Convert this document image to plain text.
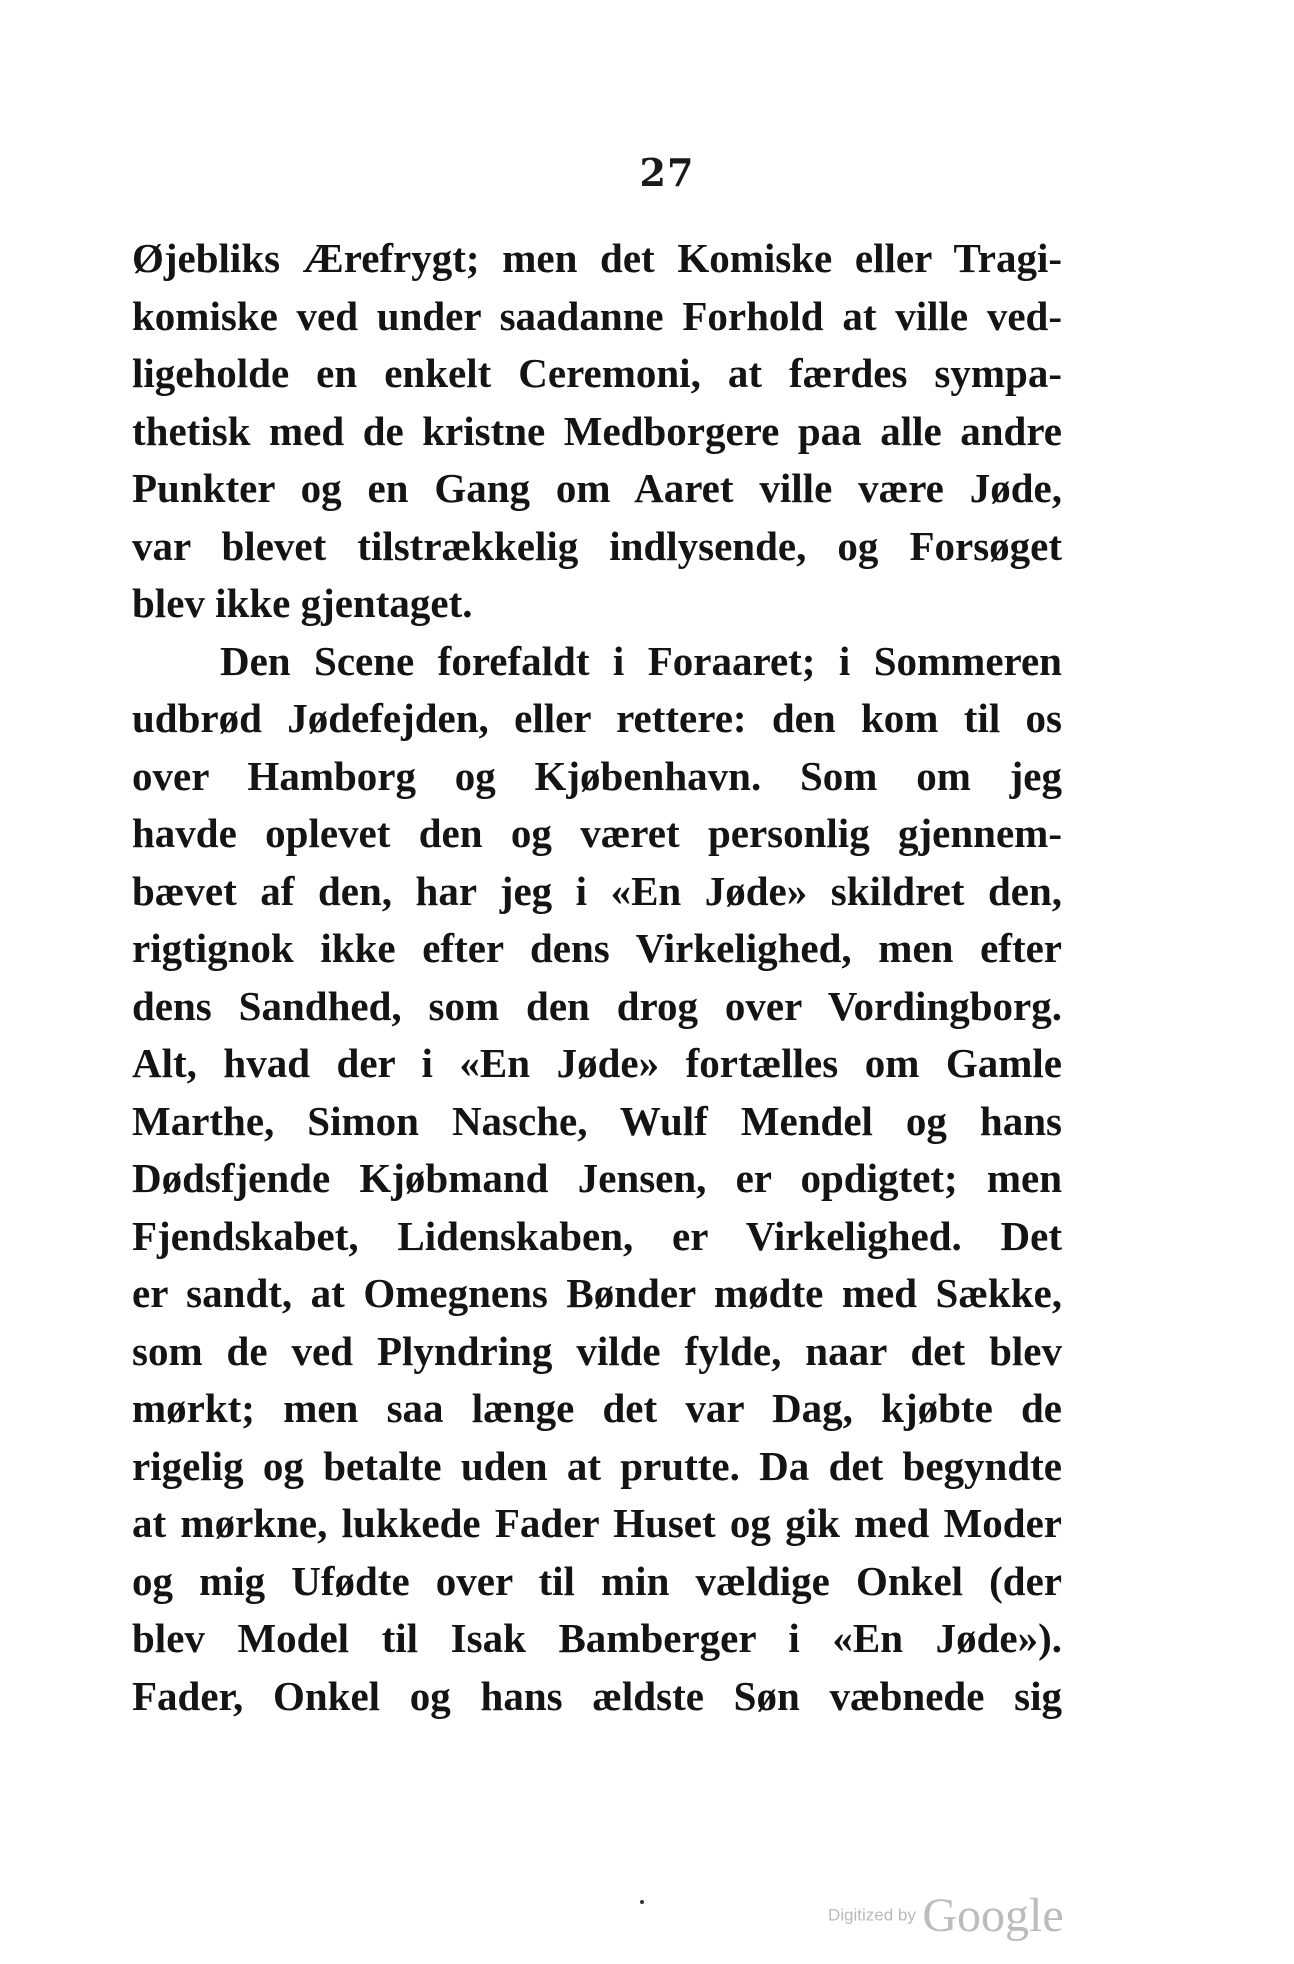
27
Øjebliks Ærefrygt; men det Komiske eller Tragi-
komiske ved under saadanne Forhold at ville ved-
ligeholde en enkelt Ceremoni, at færdes sympa-
thetisk med de kristne Medborgere paa alle andre
Punkter og en Gang om Aaret ville være Jøde,
var blevet tilstrækkelig indlysende, og Forsøget
blev ikke gjentaget.
Den Scene forefaldt i Foraaret; i Sommeren
udbrød Jødefejden, eller rettere: den kom til os
over Hamborg og Kjøbenhavn. Som om jeg
havde oplevet den og været personlig gjennem-
bævet af den, har jeg i «En Jøde» skildret den,
rigtignok ikke efter dens Virkelighed, men efter
dens Sandhed, som den drog over Vordingborg.
Alt, hvad der i «En Jøde» fortælles om Gamle
Marthe, Simon Nasche, Wulf Mendel og hans
Dødsfjende Kjøbmand Jensen, er opdigtet; men
Fjendskabet, Lidenskaben, er Virkelighed. Det
er sandt, at Omegnens Bønder mødte med Sække,
som de ved Plyndring vilde fylde, naar det blev
mørkt; men saa længe det var Dag, kjøbte de
rigelig og betalte uden at prutte. Da det begyndte
at mørkne, lukkede Fader Huset og gik med Moder
og mig Ufødte over til min vældige Onkel (der
blev Model til Isak Bamberger i «En Jøde»).
Fader, Onkel og hans ældste Søn væbnede sig
Digitized by Google
